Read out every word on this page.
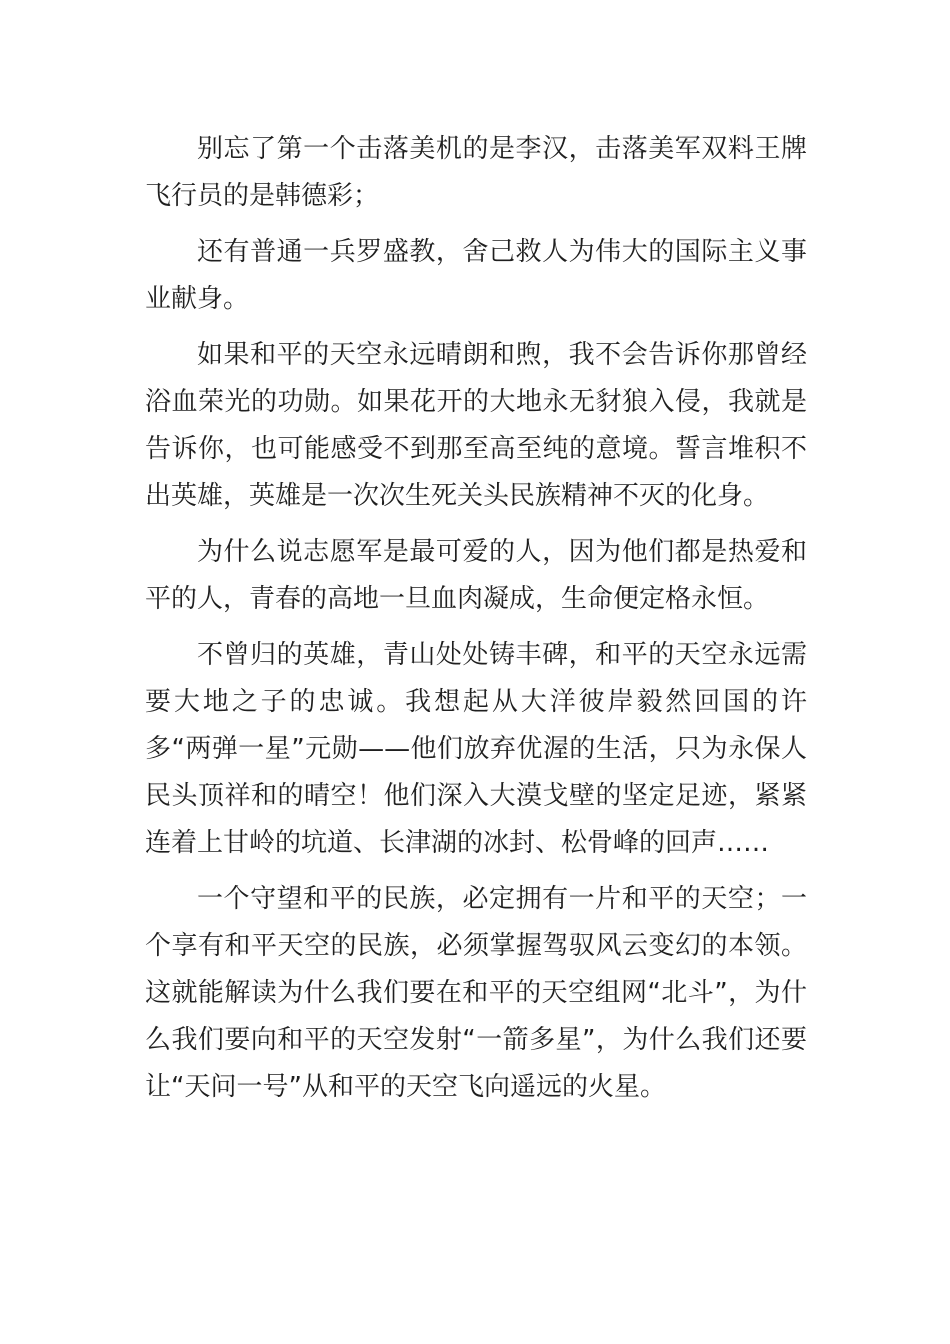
别忘了第一个击落美机的是李汉，击落美军双料王牌飞行员的是韩德彩；

还有普通一兵罗盛教，舍己救人为伟大的国际主义事业献身。

如果和平的天空永远晴朗和煦，我不会告诉你那曾经浴血荣光的功勋。如果花开的大地永无豺狼入侵，我就是告诉你，也可能感受不到那至高至纯的意境。誓言堆积不出英雄，英雄是一次次生死关头民族精神不灭的化身。

为什么说志愿军是最可爱的人，因为他们都是热爱和平的人，青春的高地一旦血肉凝成，生命便定格永恒。

不曾归的英雄，青山处处铸丰碑，和平的天空永远需要大地之子的忠诚。我想起从大洋彼岸毅然回国的许多“两弹一星”元勋——他们放弃优渥的生活，只为永保人民头顶祥和的晴空！他们深入大漠戈壁的坚定足迹，紧紧连着上甘岭的坑道、长津湖的冰封、松骨峰的回声……

一个守望和平的民族，必定拥有一片和平的天空；一个享有和平天空的民族，必须掌握驾驭风云变幻的本领。这就能解读为什么我们要在和平的天空组网“北斗”，为什么我们要向和平的天空发射“一箭多星”，为什么我们还要让“天问一号”从和平的天空飞向遥远的火星。
